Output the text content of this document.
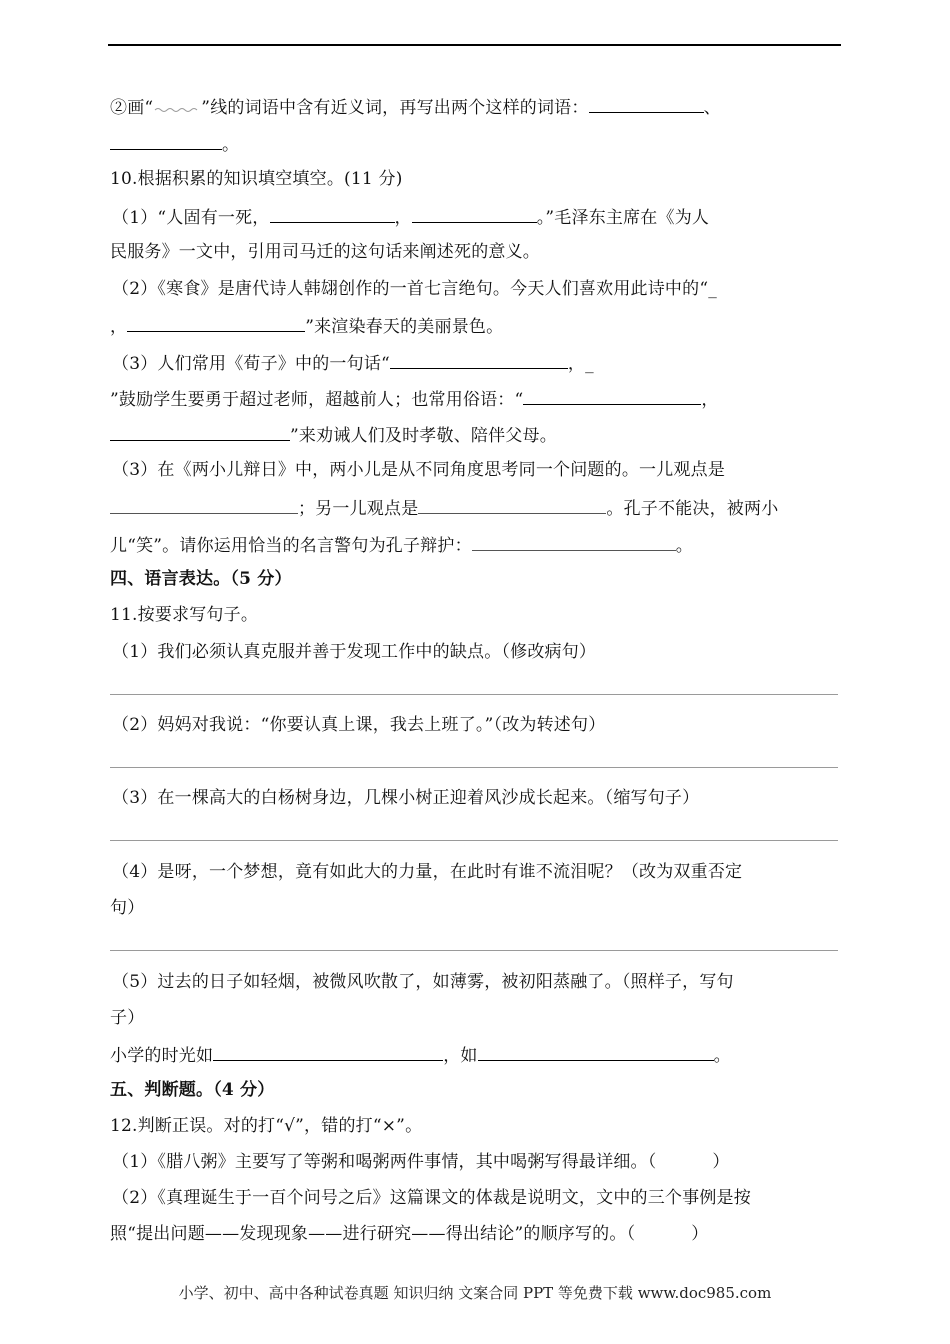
②画“	”线的词语中含有近义词，再写出两个这样的词语：	、
。
10.根据积累的知识填空填空。(11 分)
（1）“人固有一死，	，	。”毛泽东主席在《为人
民服务》一文中，引用司马迁的这句话来阐述死的意义。
（2）《寒食》是唐代诗人韩翃创作的一首七言绝句。今天人们喜欢用此诗中的“_
，	”来渲染春天的美丽景色。
（3）人们常用《荀子》中的一句话“	，_
”鼓励学生要勇于超过老师，超越前人；也常用俗语：“	，
”来劝诫人们及时孝敬、陪伴父母。
（3）在《两小儿辩日》中，两小儿是从不同角度思考同一个问题的。一儿观点是
；另一儿观点是	。孔子不能决，被两小
儿“笑”。请你运用恰当的名言警句为孔子辩护：	。
四、语言表达。（5 分）
11.按要求写句子。
（1）我们必须认真克服并善于发现工作中的缺点。（修改病句）
（2）妈妈对我说：“你要认真上课，我去上班了。”（改为转述句）
（3）在一棵高大的白杨树身边，几棵小树正迎着风沙成长起来。（缩写句子）
（4）是呀，一个梦想，竟有如此大的力量，在此时有谁不流泪呢？（改为双重否定
句）
（5）过去的日子如轻烟，被微风吹散了，如薄雾，被初阳蒸融了。（照样子，写句
子）
小学的时光如	，如	。
五、判断题。（4 分）
12.判断正误。对的打“√”，错的打“×”。
（1）《腊八粥》主要写了等粥和喝粥两件事情，其中喝粥写得最详细。（	）
（2）《真理诞生于一百个问号之后》这篇课文的体裁是说明文，文中的三个事例是按
照“提出问题——发现现象——进行研究——得出结论”的顺序写的。（	）
小学、初中、高中各种试卷真题 知识归纳 文案合同 PPT 等免费下载 www.doc985.com
